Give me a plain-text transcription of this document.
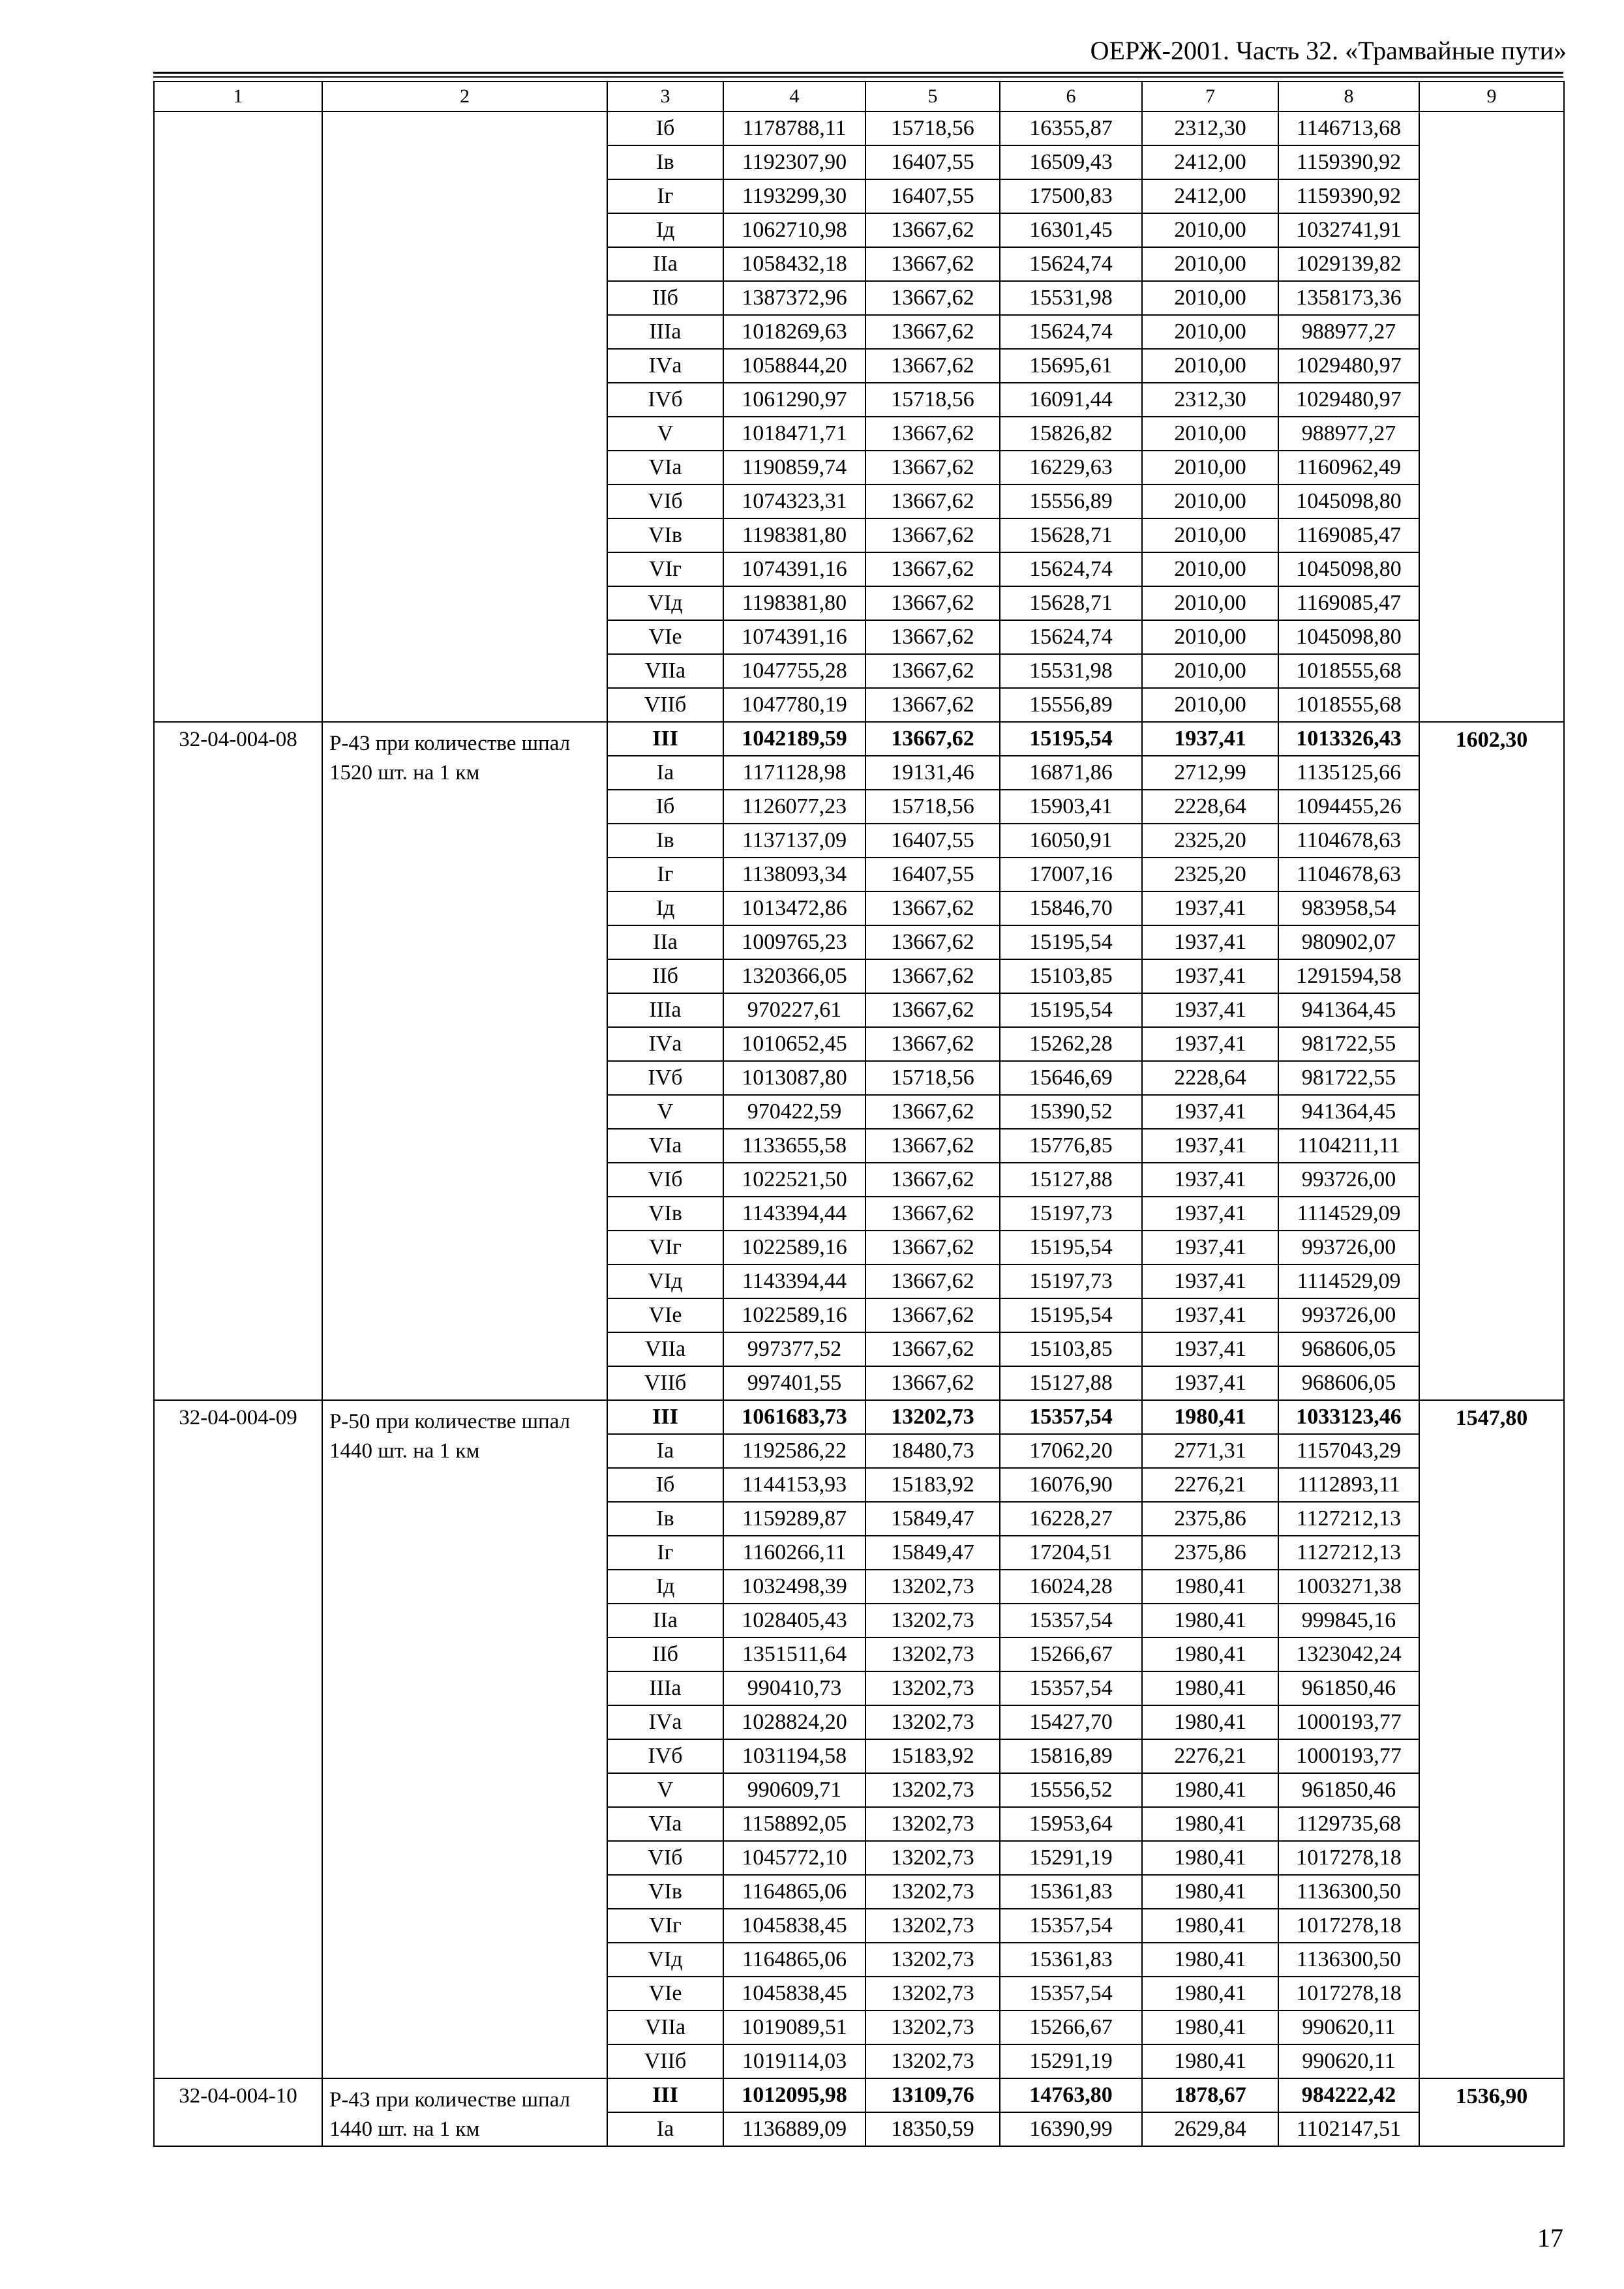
ОЕРЖ-2001. Часть 32. «Трамвайные пути»
1	2	3	4	5	6	7	8	9
		Iб	1178788,11	15718,56	16355,87	2312,30	1146713,68	
		Iв	1192307,90	16407,55	16509,43	2412,00	1159390,92	
		Iг	1193299,30	16407,55	17500,83	2412,00	1159390,92	
		Iд	1062710,98	13667,62	16301,45	2010,00	1032741,91	
		IIа	1058432,18	13667,62	15624,74	2010,00	1029139,82	
		IIб	1387372,96	13667,62	15531,98	2010,00	1358173,36	
		IIIа	1018269,63	13667,62	15624,74	2010,00	988977,27	
		IVа	1058844,20	13667,62	15695,61	2010,00	1029480,97	
		IVб	1061290,97	15718,56	16091,44	2312,30	1029480,97	
		V	1018471,71	13667,62	15826,82	2010,00	988977,27	
		VIа	1190859,74	13667,62	16229,63	2010,00	1160962,49	
		VIб	1074323,31	13667,62	15556,89	2010,00	1045098,80	
		VIв	1198381,80	13667,62	15628,71	2010,00	1169085,47	
		VIг	1074391,16	13667,62	15624,74	2010,00	1045098,80	
		VIд	1198381,80	13667,62	15628,71	2010,00	1169085,47	
		VIе	1074391,16	13667,62	15624,74	2010,00	1045098,80	
		VIIа	1047755,28	13667,62	15531,98	2010,00	1018555,68	
		VIIб	1047780,19	13667,62	15556,89	2010,00	1018555,68	
32-04-004-08	Р-43 при количестве шпал 1520 шт. на 1 км	III	1042189,59	13667,62	15195,54	1937,41	1013326,43	1602,30
		Iа	1171128,98	19131,46	16871,86	2712,99	1135125,66	
		Iб	1126077,23	15718,56	15903,41	2228,64	1094455,26	
		Iв	1137137,09	16407,55	16050,91	2325,20	1104678,63	
		Iг	1138093,34	16407,55	17007,16	2325,20	1104678,63	
		Iд	1013472,86	13667,62	15846,70	1937,41	983958,54	
		IIа	1009765,23	13667,62	15195,54	1937,41	980902,07	
		IIб	1320366,05	13667,62	15103,85	1937,41	1291594,58	
		IIIа	970227,61	13667,62	15195,54	1937,41	941364,45	
		IVа	1010652,45	13667,62	15262,28	1937,41	981722,55	
		IVб	1013087,80	15718,56	15646,69	2228,64	981722,55	
		V	970422,59	13667,62	15390,52	1937,41	941364,45	
		VIа	1133655,58	13667,62	15776,85	1937,41	1104211,11	
		VIб	1022521,50	13667,62	15127,88	1937,41	993726,00	
		VIв	1143394,44	13667,62	15197,73	1937,41	1114529,09	
		VIг	1022589,16	13667,62	15195,54	1937,41	993726,00	
		VIд	1143394,44	13667,62	15197,73	1937,41	1114529,09	
		VIе	1022589,16	13667,62	15195,54	1937,41	993726,00	
		VIIа	997377,52	13667,62	15103,85	1937,41	968606,05	
		VIIб	997401,55	13667,62	15127,88	1937,41	968606,05	
32-04-004-09	Р-50 при количестве шпал 1440 шт. на 1 км	III	1061683,73	13202,73	15357,54	1980,41	1033123,46	1547,80
		Iа	1192586,22	18480,73	17062,20	2771,31	1157043,29	
		Iб	1144153,93	15183,92	16076,90	2276,21	1112893,11	
		Iв	1159289,87	15849,47	16228,27	2375,86	1127212,13	
		Iг	1160266,11	15849,47	17204,51	2375,86	1127212,13	
		Iд	1032498,39	13202,73	16024,28	1980,41	1003271,38	
		IIа	1028405,43	13202,73	15357,54	1980,41	999845,16	
		IIб	1351511,64	13202,73	15266,67	1980,41	1323042,24	
		IIIа	990410,73	13202,73	15357,54	1980,41	961850,46	
		IVа	1028824,20	13202,73	15427,70	1980,41	1000193,77	
		IVб	1031194,58	15183,92	15816,89	2276,21	1000193,77	
		V	990609,71	13202,73	15556,52	1980,41	961850,46	
		VIа	1158892,05	13202,73	15953,64	1980,41	1129735,68	
		VIб	1045772,10	13202,73	15291,19	1980,41	1017278,18	
		VIв	1164865,06	13202,73	15361,83	1980,41	1136300,50	
		VIг	1045838,45	13202,73	15357,54	1980,41	1017278,18	
		VIд	1164865,06	13202,73	15361,83	1980,41	1136300,50	
		VIе	1045838,45	13202,73	15357,54	1980,41	1017278,18	
		VIIа	1019089,51	13202,73	15266,67	1980,41	990620,11	
		VIIб	1019114,03	13202,73	15291,19	1980,41	990620,11	
32-04-004-10	Р-43 при количестве шпал 1440 шт. на 1 км	III	1012095,98	13109,76	14763,80	1878,67	984222,42	1536,90
		Iа	1136889,09	18350,59	16390,99	2629,84	1102147,51	
17
